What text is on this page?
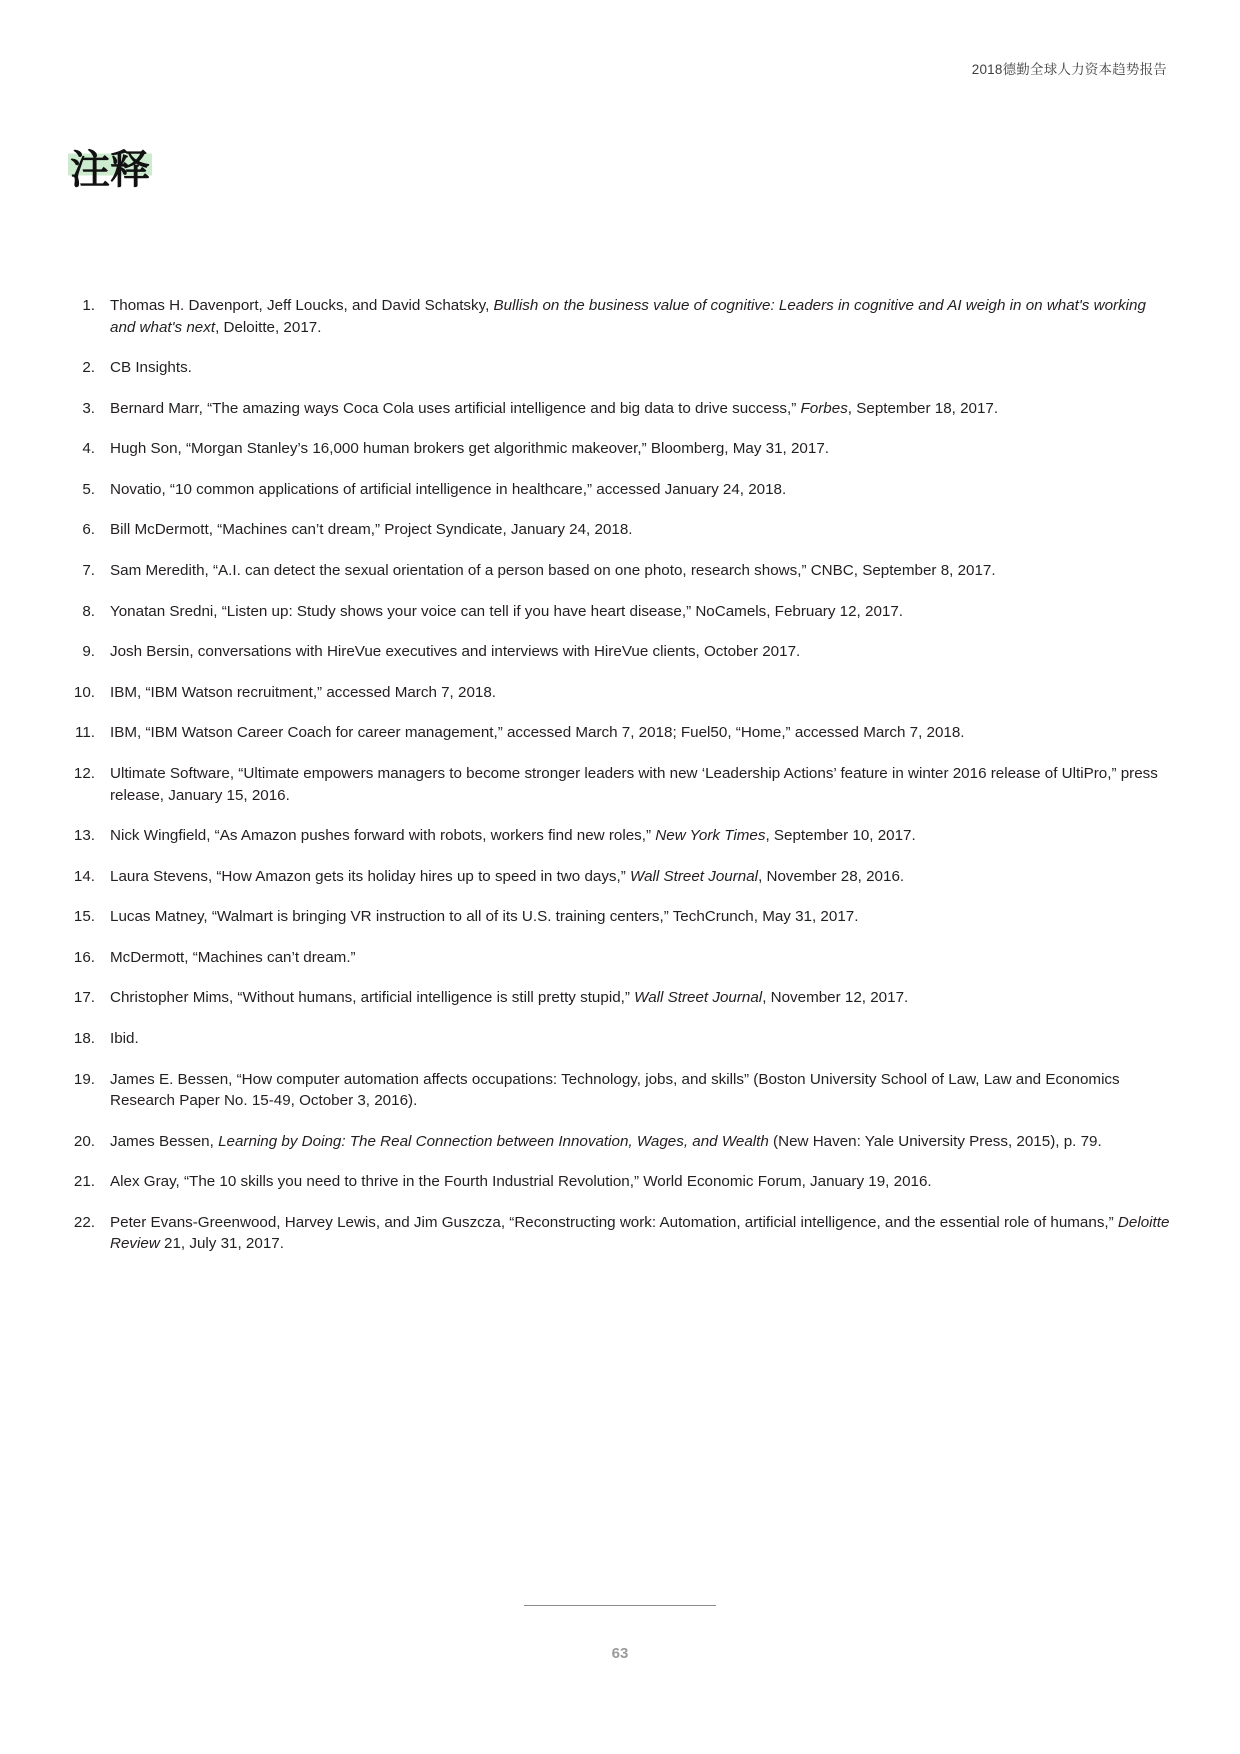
2018德勤全球人力资本趋势报告
注释
1. Thomas H. Davenport, Jeff Loucks, and David Schatsky, Bullish on the business value of cognitive: Leaders in cognitive and AI weigh in on what's working and what's next, Deloitte, 2017.
2. CB Insights.
3. Bernard Marr, “The amazing ways Coca Cola uses artificial intelligence and big data to drive success,” Forbes, September 18, 2017.
4. Hugh Son, “Morgan Stanley’s 16,000 human brokers get algorithmic makeover,” Bloomberg, May 31, 2017.
5. Novatio, “10 common applications of artificial intelligence in healthcare,” accessed January 24, 2018.
6. Bill McDermott, “Machines can’t dream,” Project Syndicate, January 24, 2018.
7. Sam Meredith, “A.I. can detect the sexual orientation of a person based on one photo, research shows,” CNBC, September 8, 2017.
8. Yonatan Sredni, “Listen up: Study shows your voice can tell if you have heart disease,” NoCamels, February 12, 2017.
9. Josh Bersin, conversations with HireVue executives and interviews with HireVue clients, October 2017.
10. IBM, “IBM Watson recruitment,” accessed March 7, 2018.
11. IBM, “IBM Watson Career Coach for career management,” accessed March 7, 2018; Fuel50, “Home,” accessed March 7, 2018.
12. Ultimate Software, “Ultimate empowers managers to become stronger leaders with new ‘Leadership Actions’ feature in winter 2016 release of UltiPro,” press release, January 15, 2016.
13. Nick Wingfield, “As Amazon pushes forward with robots, workers find new roles,” New York Times, September 10, 2017.
14. Laura Stevens, “How Amazon gets its holiday hires up to speed in two days,” Wall Street Journal, November 28, 2016.
15. Lucas Matney, “Walmart is bringing VR instruction to all of its U.S. training centers,” TechCrunch, May 31, 2017.
16. McDermott, “Machines can’t dream.”
17. Christopher Mims, “Without humans, artificial intelligence is still pretty stupid,” Wall Street Journal, November 12, 2017.
18. Ibid.
19. James E. Bessen, “How computer automation affects occupations: Technology, jobs, and skills” (Boston University School of Law, Law and Economics Research Paper No. 15-49, October 3, 2016).
20. James Bessen, Learning by Doing: The Real Connection between Innovation, Wages, and Wealth (New Haven: Yale University Press, 2015), p. 79.
21. Alex Gray, “The 10 skills you need to thrive in the Fourth Industrial Revolution,” World Economic Forum, January 19, 2016.
22. Peter Evans-Greenwood, Harvey Lewis, and Jim Guszcza, “Reconstructing work: Automation, artificial intelligence, and the essential role of humans,” Deloitte Review 21, July 31, 2017.
63
